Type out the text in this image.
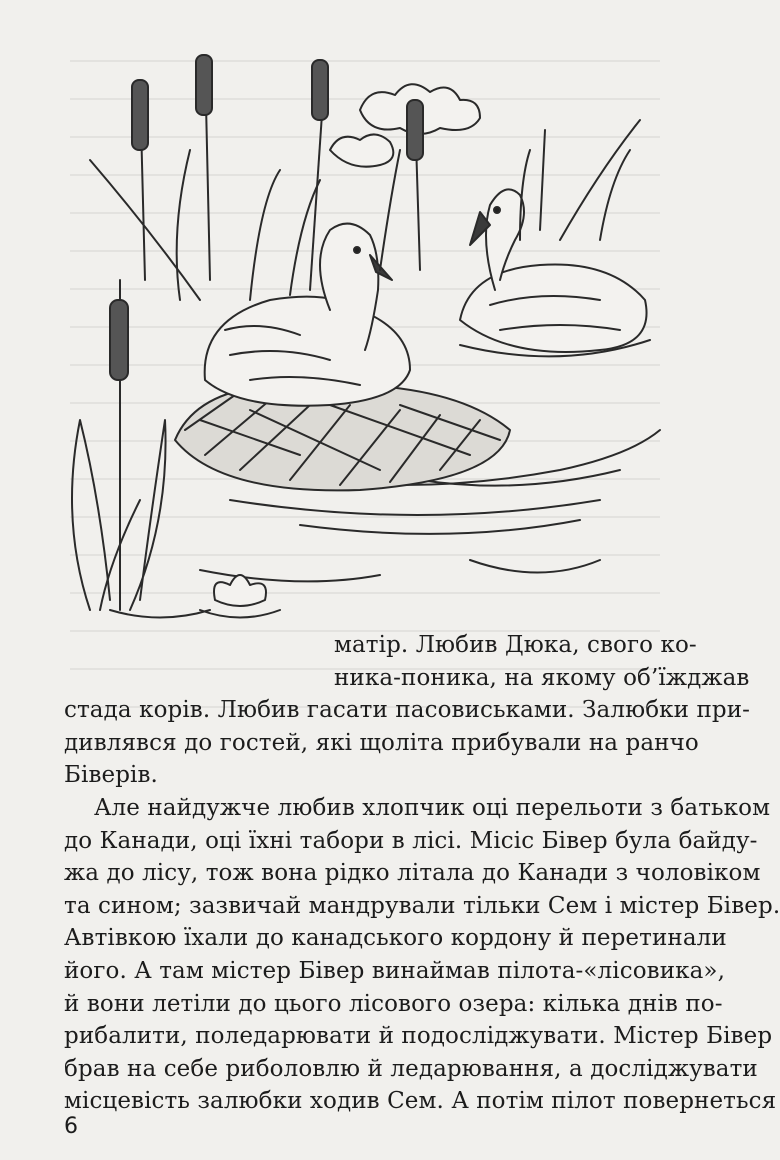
матір. Любив Дюка, свого ко-
ника-поника, на якому об’їжджав
стада корів. Любив гасати пасовиськами. Залюбки при-
дивлявся до гостей, які щоліта прибували на ранчо
Біверів.
Але найдужче любив хлопчик оці перельоти з батьком
до Канади, оці їхні табори в лісі. Місіс Бівер була байду-
жа до лісу, тож вона рідко літала до Канади з чоловіком
та сином; зазвичай мандрували тільки Сем і містер Бівер.
Автівкою їхали до канадського кордону й перетинали
його. А там містер Бівер винаймав пілота-«лісовика»,
й вони летіли до цього лісового озера: кілька днів по-
рибалити, поледарювати й подосліджувати. Містер Бівер
брав на себе риболовлю й ледарювання, а досліджувати
місцевість залюбки ходив Сем. А потім пілот повернеться
6
